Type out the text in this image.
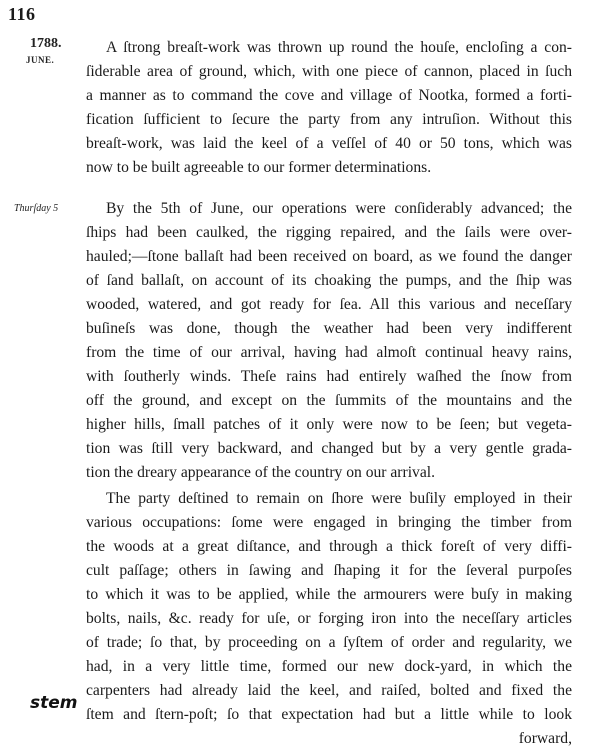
116
1788.
JUNE.
Thurſday 5
stem
A ſtrong breaſt-work was thrown up round the houſe, encloſing a con-
ſiderable area of ground, which, with one piece of cannon, placed in ſuch
a manner as to command the cove and village of Nootka, formed a forti-
fication ſufficient to ſecure the party from any intruſion. Without this
breaſt-work, was laid the keel of a veſſel of 40 or 50 tons, which was
now to be built agreeable to our former determinations.
By the 5th of June, our operations were conſiderably advanced; the
ſhips had been caulked, the rigging repaired, and the ſails were over-
hauled;—ſtone ballaſt had been received on board, as we found the danger
of ſand ballaſt, on account of its choaking the pumps, and the ſhip was
wooded, watered, and got ready for ſea. All this various and neceſſary
buſineſs was done, though the weather had been very indifferent
from the time of our arrival, having had almoſt continual heavy rains,
with ſoutherly winds. Theſe rains had entirely waſhed the ſnow from
off the ground, and except on the ſummits of the mountains and the
higher hills, ſmall patches of it only were now to be ſeen; but vegeta-
tion was ſtill very backward, and changed but by a very gentle grada-
tion the dreary appearance of the country on our arrival.
The party deſtined to remain on ſhore were buſily employed in their
various occupations: ſome were engaged in bringing the timber from
the woods at a great diſtance, and through a thick foreſt of very diffi-
cult paſſage; others in ſawing and ſhaping it for the ſeveral purpoſes
to which it was to be applied, while the armourers were buſy in making
bolts, nails, &c. ready for uſe, or forging iron into the neceſſary articles
of trade; ſo that, by proceeding on a ſyſtem of order and regularity, we
had, in a very little time, formed our new dock-yard, in which the
carpenters had already laid the keel, and raiſed, bolted and fixed the
ſtem and ſtern-poſt; ſo that expectation had but a little while to look
forward,
